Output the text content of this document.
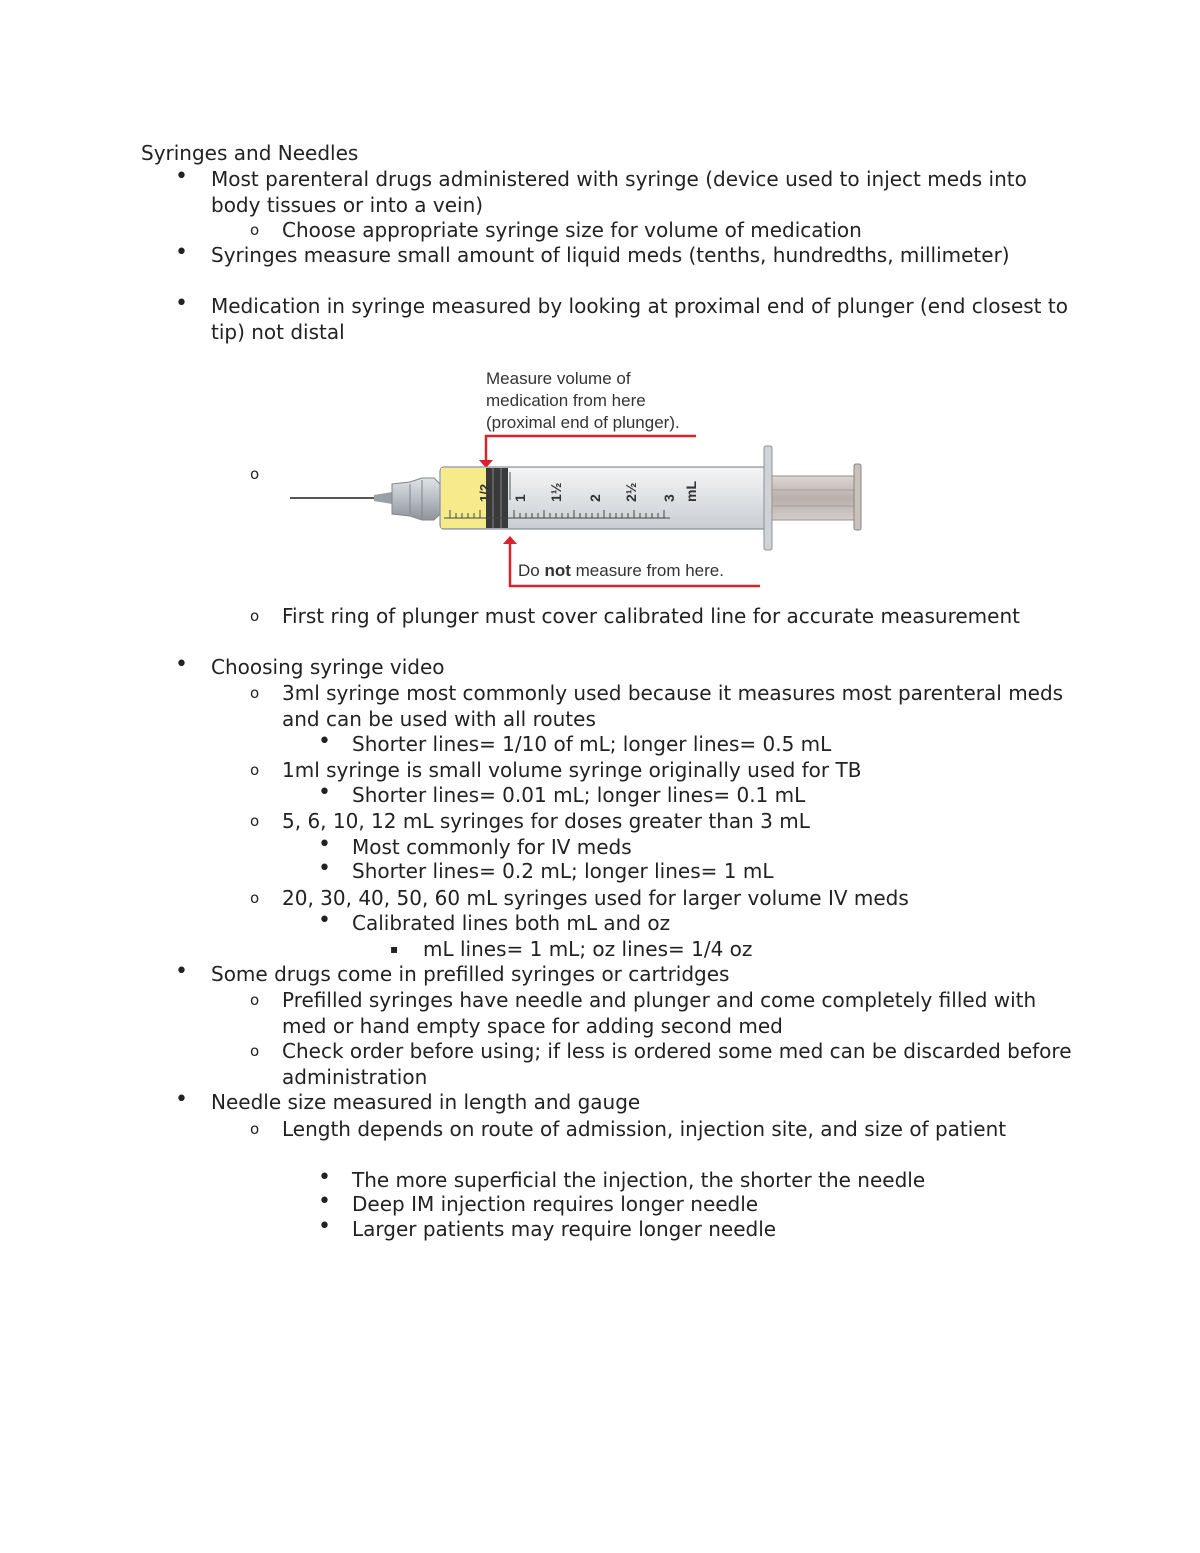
Syringes and Needles
• Most parenteral drugs administered with syringe (device used to inject meds into body tissues or into a vein)
o Choose appropriate syringe size for volume of medication
• Syringes measure small amount of liquid meds (tenths, hundredths, millimeter)
• Medication in syringe measured by looking at proximal end of plunger (end closest to tip) not distal
o
Measure volume of
medication from here
(proximal end of plunger).
1/2 1 1½ 2 2½ 3 mL
Do not measure from here.
o First ring of plunger must cover calibrated line for accurate measurement
• Choosing syringe video
o 3ml syringe most commonly used because it measures most parenteral meds and can be used with all routes
• Shorter lines= 1/10 of mL; longer lines= 0.5 mL
o 1ml syringe is small volume syringe originally used for TB
• Shorter lines= 0.01 mL; longer lines= 0.1 mL
o 5, 6, 10, 12 mL syringes for doses greater than 3 mL
• Most commonly for IV meds
• Shorter lines= 0.2 mL; longer lines= 1 mL
o 20, 30, 40, 50, 60 mL syringes used for larger volume IV meds
• Calibrated lines both mL and oz
▪ mL lines= 1 mL; oz lines= 1/4 oz
• Some drugs come in prefilled syringes or cartridges
o Prefilled syringes have needle and plunger and come completely filled with med or hand empty space for adding second med
o Check order before using; if less is ordered some med can be discarded before administration
• Needle size measured in length and gauge
o Length depends on route of admission, injection site, and size of patient
• The more superficial the injection, the shorter the needle
• Deep IM injection requires longer needle
• Larger patients may require longer needle
